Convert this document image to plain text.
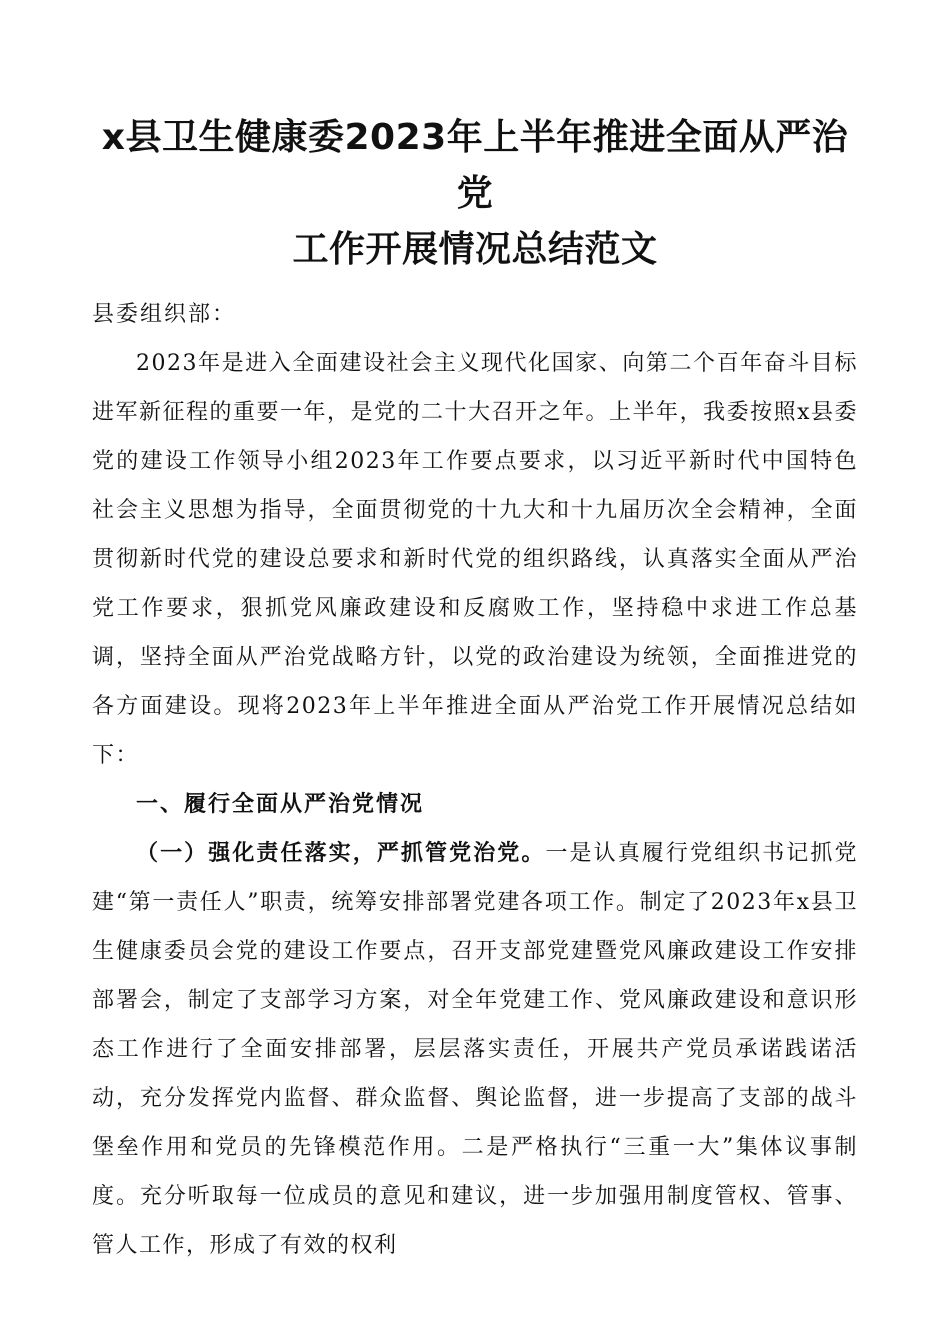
x县卫生健康委2023年上半年推进全面从严治党
工作开展情况总结范文

县委组织部：

2023年是进入全面建设社会主义现代化国家、向第二个百年奋斗目标进军新征程的重要一年，是党的二十大召开之年。上半年，我委按照x县委党的建设工作领导小组2023年工作要点要求，以习近平新时代中国特色社会主义思想为指导，全面贯彻党的十九大和十九届历次全会精神，全面贯彻新时代党的建设总要求和新时代党的组织路线，认真落实全面从严治党工作要求，狠抓党风廉政建设和反腐败工作，坚持稳中求进工作总基调，坚持全面从严治党战略方针，以党的政治建设为统领，全面推进党的各方面建设。现将2023年上半年推进全面从严治党工作开展情况总结如下：

一、履行全面从严治党情况

（一）强化责任落实，严抓管党治党。一是认真履行党组织书记抓党建“第一责任人”职责，统筹安排部署党建各项工作。制定了2023年x县卫生健康委员会党的建设工作要点，召开支部党建暨党风廉政建设工作安排部署会，制定了支部学习方案，对全年党建工作、党风廉政建设和意识形态工作进行了全面安排部署，层层落实责任，开展共产党员承诺践诺活动，充分发挥党内监督、群众监督、舆论监督，进一步提高了支部的战斗堡垒作用和党员的先锋模范作用。二是严格执行“三重一大”集体议事制度。充分听取每一位成员的意见和建议，进一步加强用制度管权、管事、管人工作，形成了有效的权利
